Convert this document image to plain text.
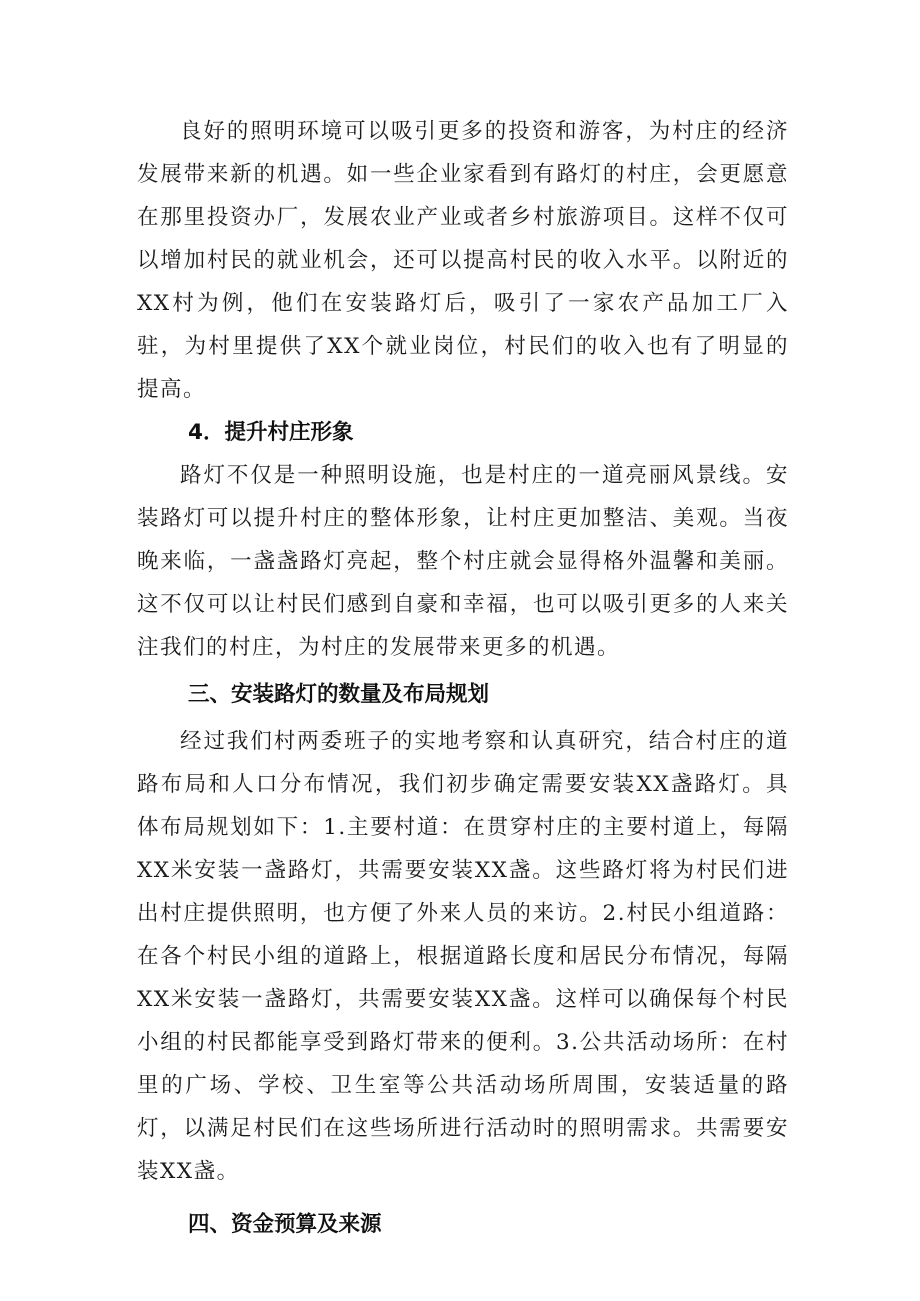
良好的照明环境可以吸引更多的投资和游客，为村庄的经济发展带来新的机遇。如一些企业家看到有路灯的村庄，会更愿意在那里投资办厂，发展农业产业或者乡村旅游项目。这样不仅可以增加村民的就业机会，还可以提高村民的收入水平。以附近的XX村为例，他们在安装路灯后，吸引了一家农产品加工厂入驻，为村里提供了XX个就业岗位，村民们的收入也有了明显的提高。

4．提升村庄形象

路灯不仅是一种照明设施，也是村庄的一道亮丽风景线。安装路灯可以提升村庄的整体形象，让村庄更加整洁、美观。当夜晚来临，一盏盏路灯亮起，整个村庄就会显得格外温馨和美丽。这不仅可以让村民们感到自豪和幸福，也可以吸引更多的人来关注我们的村庄，为村庄的发展带来更多的机遇。

三、安装路灯的数量及布局规划

经过我们村两委班子的实地考察和认真研究，结合村庄的道路布局和人口分布情况，我们初步确定需要安装XX盏路灯。具体布局规划如下：1.主要村道：在贯穿村庄的主要村道上，每隔XX米安装一盏路灯，共需要安装XX盏。这些路灯将为村民们进出村庄提供照明，也方便了外来人员的来访。2.村民小组道路：在各个村民小组的道路上，根据道路长度和居民分布情况，每隔XX米安装一盏路灯，共需要安装XX盏。这样可以确保每个村民小组的村民都能享受到路灯带来的便利。3.公共活动场所：在村里的广场、学校、卫生室等公共活动场所周围，安装适量的路灯，以满足村民们在这些场所进行活动时的照明需求。共需要安装XX盏。

四、资金预算及来源
